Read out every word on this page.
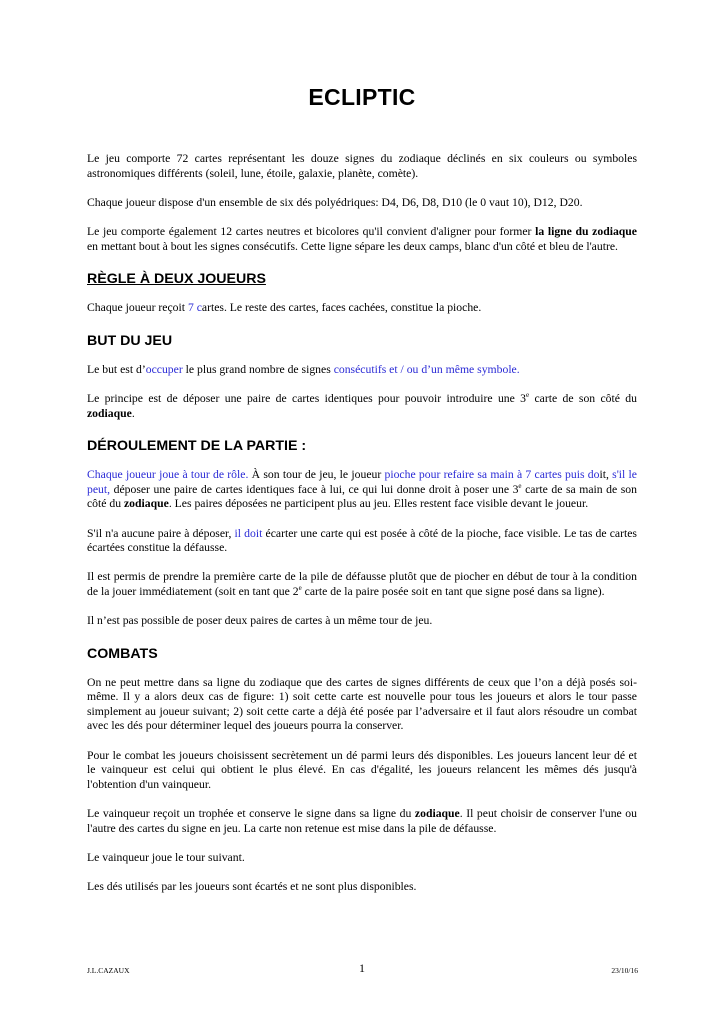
ECLIPTIC

Le jeu comporte 72 cartes représentant les douze signes du zodiaque déclinés en six couleurs ou symboles astronomiques différents (soleil, lune, étoile, galaxie, planète, comète).

Chaque joueur dispose d'un ensemble de six dés polyédriques: D4, D6, D8, D10 (le 0 vaut 10), D12, D20.

Le jeu comporte également 12 cartes neutres et bicolores qu'il convient d'aligner pour former la ligne du zodiaque en mettant bout à bout les signes consécutifs. Cette ligne sépare les deux camps, blanc d'un côté et bleu de l'autre.

RÈGLE À DEUX JOUEURS

Chaque joueur reçoit 7 cartes. Le reste des cartes, faces cachées, constitue la pioche.

BUT DU JEU

Le but est d’occuper le plus grand nombre de signes consécutifs et / ou d’un même symbole.

Le principe est de déposer une paire de cartes identiques pour pouvoir introduire une 3e carte de son côté du zodiaque.

DÉROULEMENT DE LA PARTIE :

Chaque joueur joue à tour de rôle. À son tour de jeu, le joueur pioche pour refaire sa main à 7 cartes puis doit, s'il le peut, déposer une paire de cartes identiques face à lui, ce qui lui donne droit à poser une 3e carte de sa main de son côté du zodiaque. Les paires déposées ne participent plus au jeu. Elles restent face visible devant le joueur.

S'il n'a aucune paire à déposer, il doit écarter une carte qui est posée à côté de la pioche, face visible. Le tas de cartes écartées constitue la défausse.

Il est permis de prendre la première carte de la pile de défausse plutôt que de piocher en début de tour à la condition de la jouer immédiatement (soit en tant que 2e carte de la paire posée soit en tant que signe posé dans sa ligne).

Il n’est pas possible de poser deux paires de cartes à un même tour de jeu.

COMBATS

On ne peut mettre dans sa ligne du zodiaque que des cartes de signes différents de ceux que l’on a déjà posés soi-même. Il y a alors deux cas de figure: 1) soit cette carte est nouvelle pour tous les joueurs et alors le tour passe simplement au joueur suivant; 2) soit cette carte a déjà été posée par l’adversaire et il faut alors résoudre un combat avec les dés pour déterminer lequel des joueurs pourra la conserver.

Pour le combat les joueurs choisissent secrètement un dé parmi leurs dés disponibles. Les joueurs lancent leur dé et le vainqueur est celui qui obtient le plus élevé. En cas d'égalité, les joueurs relancent les mêmes dés jusqu'à l'obtention d'un vainqueur.

Le vainqueur reçoit un trophée et conserve le signe dans sa ligne du zodiaque. Il peut choisir de conserver l'une ou l'autre des cartes du signe en jeu. La carte non retenue est mise dans la pile de défausse.

Le vainqueur joue le tour suivant.

Les dés utilisés par les joueurs sont écartés et ne sont plus disponibles.

J.L.CAZAUX	1	23/10/16
